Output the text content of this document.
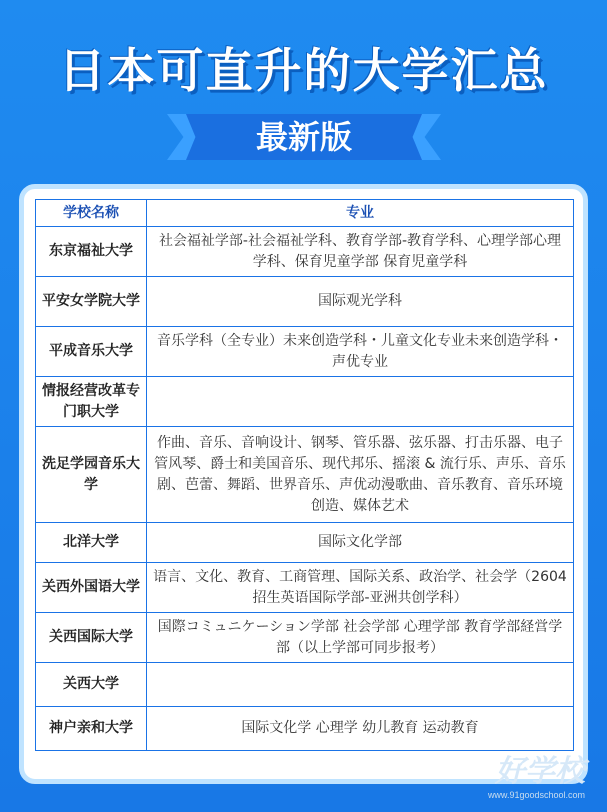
日本可直升的大学汇总
最新版
学校名称	专业
东京福祉大学	社会福祉学部-社会福祉学科、教育学部-教育学科、心理学部心理学科、保育児童学部 保育児童学科
平安女学院大学	国际观光学科
平成音乐大学	音乐学科（全专业）未来创造学科・儿童文化专业未来创造学科・声优专业
情报经营改革专门职大学	
洗足学园音乐大学	作曲、音乐、音响设计、钢琴、管乐器、弦乐器、打击乐器、电子管风琴、爵士和美国音乐、现代邦乐、摇滚 & 流行乐、声乐、音乐剧、芭蕾、舞蹈、世界音乐、声优动漫歌曲、音乐教育、音乐环境创造、媒体艺术
北洋大学	国际文化学部
关西外国语大学	语言、文化、教育、工商管理、国际关系、政治学、社会学（2604招生英语国际学部-亚洲共创学科）
关西国际大学	国際コミュニケーション学部 社会学部 心理学部 教育学部経営学部（以上学部可同步报考）
关西大学	
神户亲和大学	国际文化学 心理学 幼儿教育 运动教育
好学校
www.91goodschool.com
